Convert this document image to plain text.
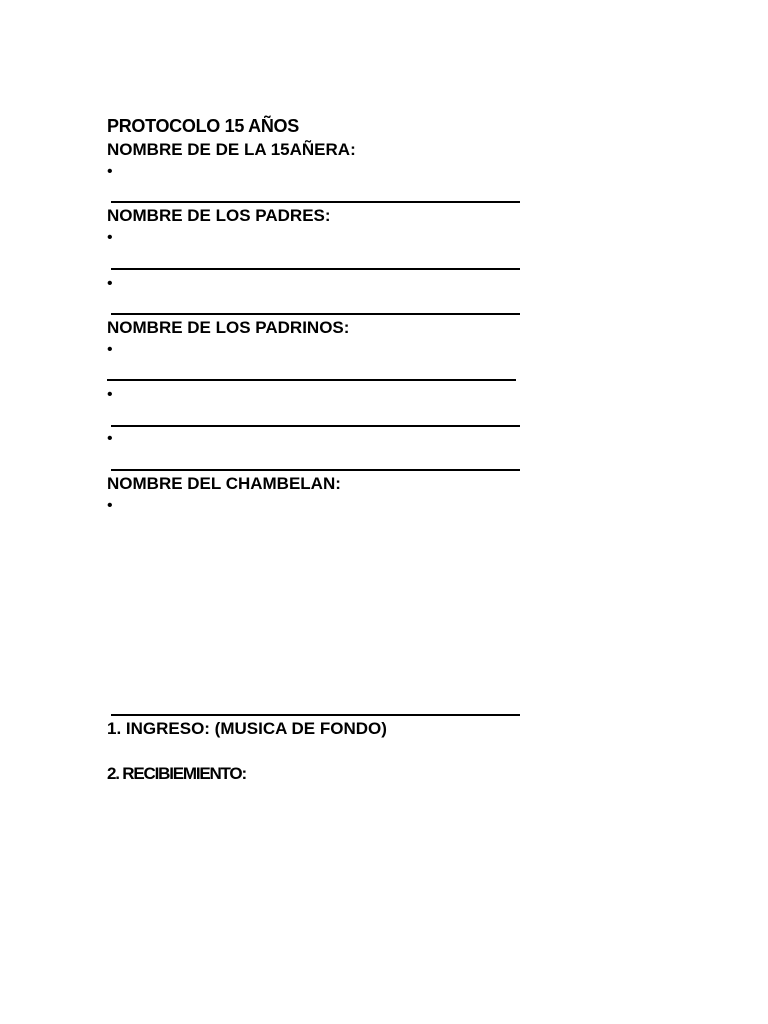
PROTOCOLO 15 AÑOS
NOMBRE DE DE LA 15AÑERA:
•
NOMBRE DE LOS PADRES:
•
•
NOMBRE DE LOS PADRINOS:
•
•
•
NOMBRE DEL CHAMBELAN:
•
1. INGRESO: (MUSICA DE FONDO)
2. RECIBIEMIENTO:
